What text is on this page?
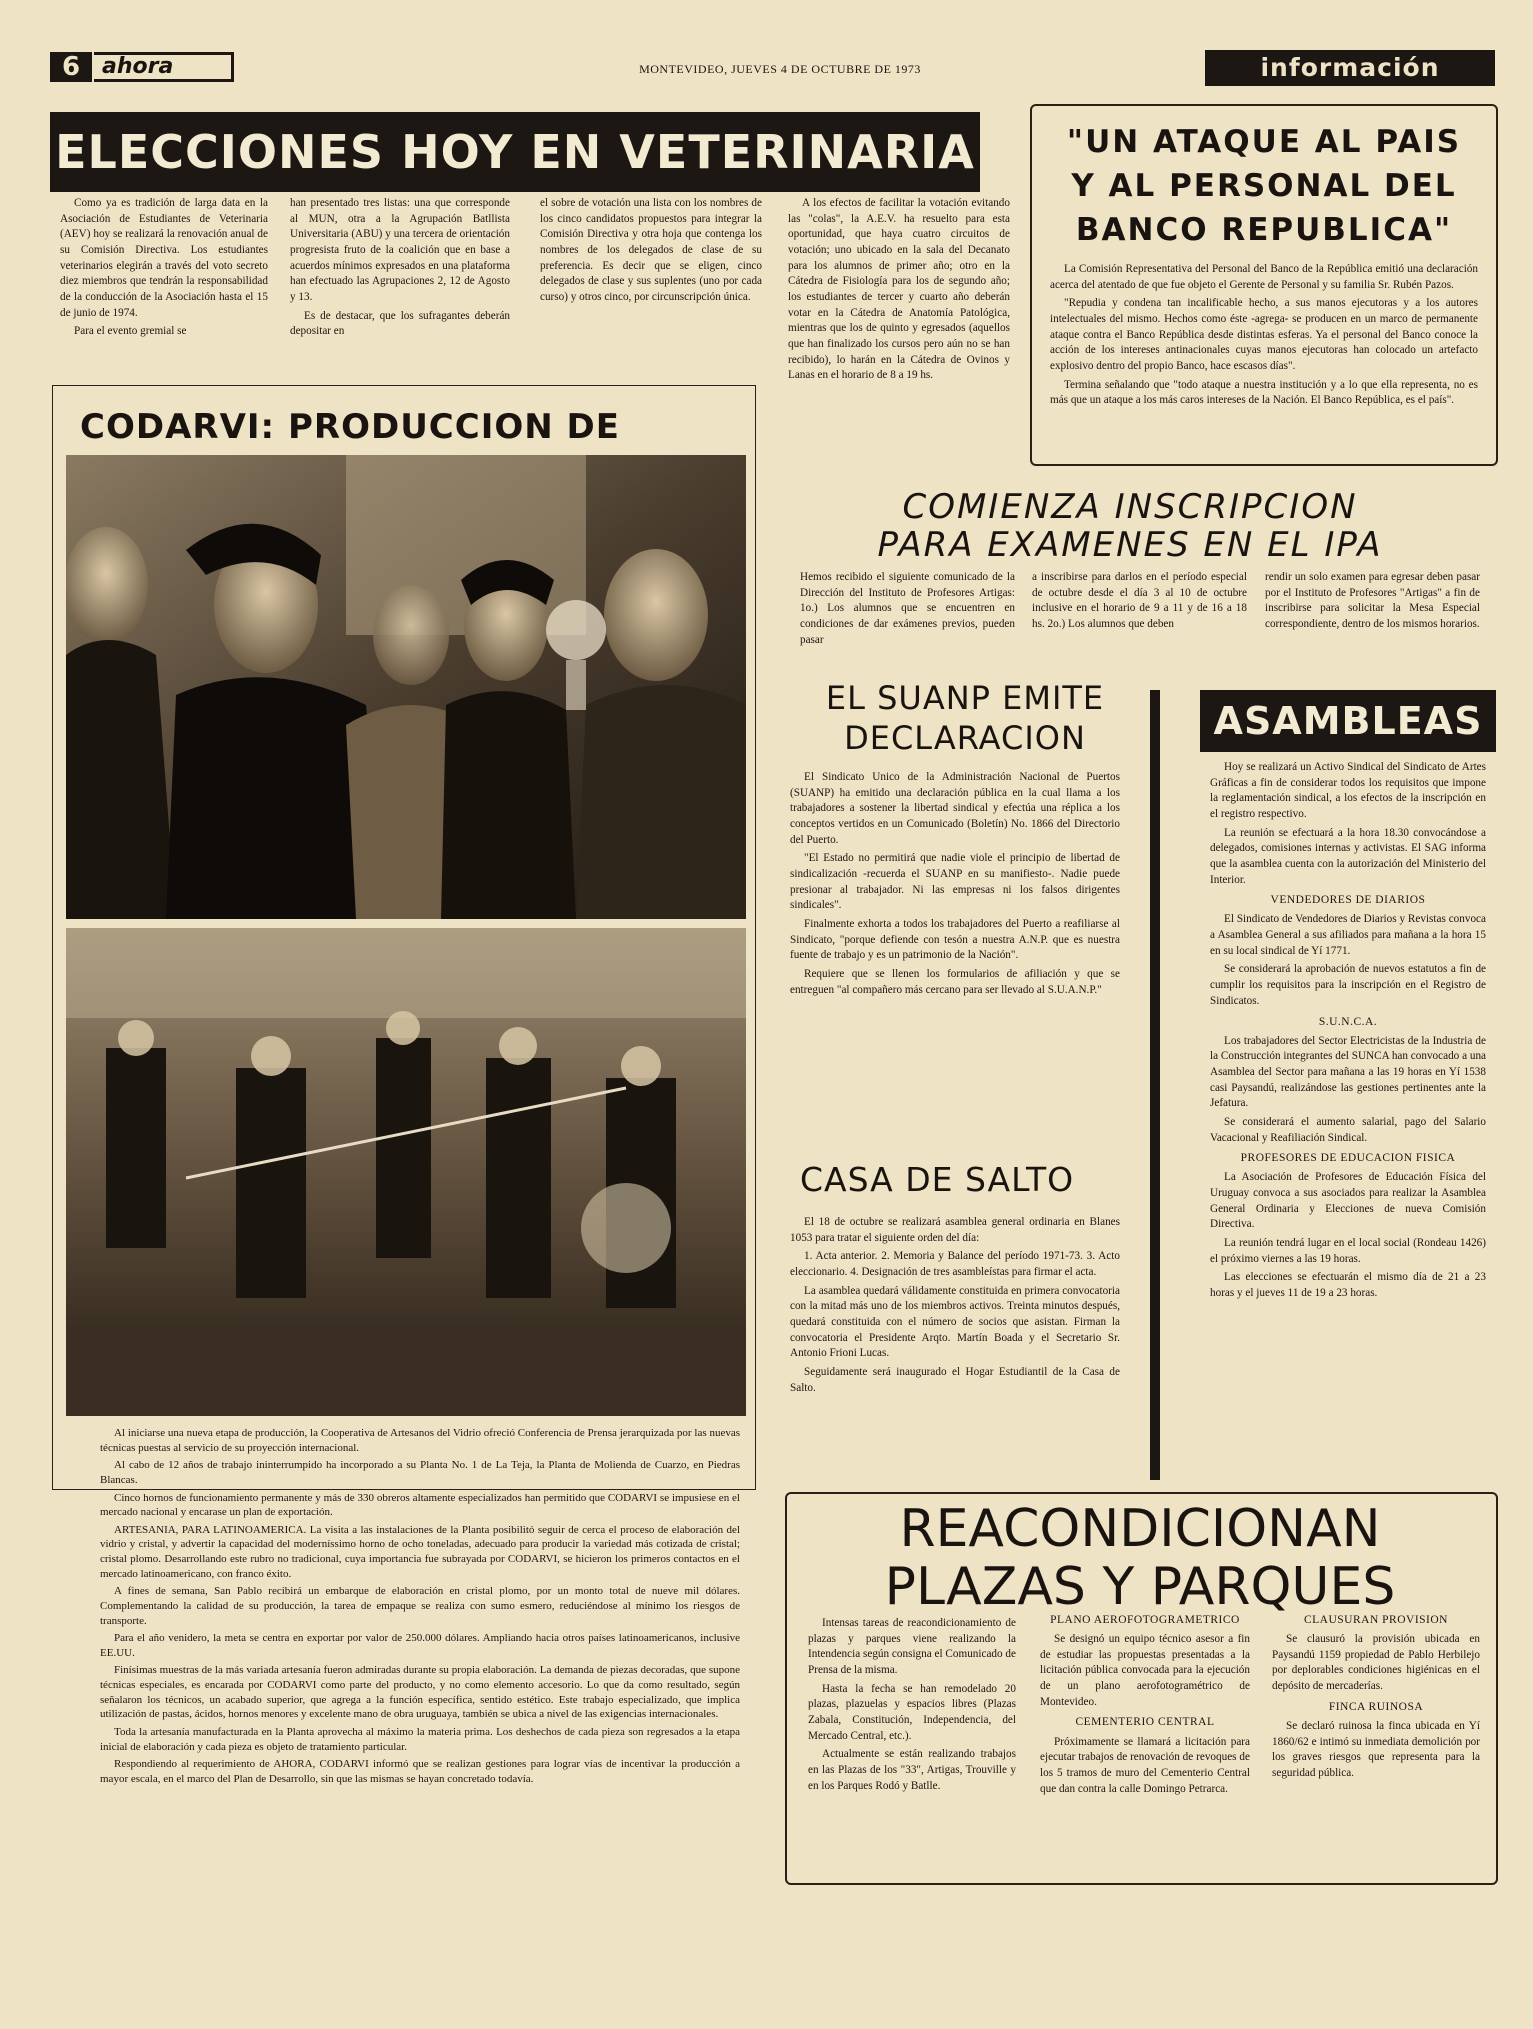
6 ahora	MONTEVIDEO, JUEVES 4 DE OCTUBRE DE 1973	información
ELECCIONES HOY EN VETERINARIA

Como ya es tradición de larga data en la Asociación de Estudiantes de Veterinaria (AEV) hoy se realizará la renovación anual de su Comisión Directiva. Los estudiantes veterinarios elegirán a través del voto secreto diez miembros que tendrán la responsabilidad de la conducción de la Asociación hasta el 15 de junio de 1974.

Para el evento gremial se

han presentado tres listas: una que corresponde al MUN, otra a la Agrupación Batllista Universitaria (ABU) y una tercera de orientación progresista fruto de la coalición que en base a acuerdos mínimos expresados en una plataforma han efectuado las Agrupaciones 2, 12 de Agosto y 13.

Es de destacar, que los sufragantes deberán depositar en

el sobre de votación una lista con los nombres de los cinco candidatos propuestos para integrar la Comisión Directiva y otra hoja que contenga los nombres de los delegados de clase de su preferencia. Es decir que se eligen, cinco delegados de clase y sus suplentes (uno por cada curso) y otros cinco, por circunscripción única.

A los efectos de facilitar la votación evitando las "colas", la A.E.V. ha resuelto para esta oportunidad, que haya cuatro circuitos de votación; uno ubicado en la sala del Decanato para los alumnos de primer año; otro en la Cátedra de Fisiología para los de segundo año; los estudiantes de tercer y cuarto año deberán votar en la Cátedra de Anatomía Patológica, mientras que los de quinto y egresados (aquellos que han finalizado los cursos pero aún no se han recibido), lo harán en la Cátedra de Ovinos y Lanas en el horario de 8 a 19 hs.

"UN ATAQUE AL PAIS Y AL PERSONAL DEL BANCO REPUBLICA"

La Comisión Representativa del Personal del Banco de la República emitió una declaración acerca del atentado de que fue objeto el Gerente de Personal y su familia Sr. Rubén Pazos.

"Repudia y condena tan incalificable hecho, a sus manos ejecutoras y a los autores intelectuales del mismo. Hechos como éste -agrega- se producen en un marco de permanente ataque contra el Banco República desde distintas esferas. Ya el personal del Banco conoce la acción de los intereses antinacionales cuyas manos ejecutoras han colocado un artefacto explosivo dentro del propio Banco, hace escasos días".

Termina señalando que "todo ataque a nuestra institución y a lo que ella representa, no es más que un ataque a los más caros intereses de la Nación. El Banco República, es el país".

CODARVI: PRODUCCION DE

Al iniciarse una nueva etapa de producción, la Cooperativa de Artesanos del Vidrio ofreció Conferencia de Prensa jerarquizada por las nuevas técnicas puestas al servicio de su proyección internacional.

Al cabo de 12 años de trabajo ininterrumpido ha incorporado a su Planta No. 1 de La Teja, la Planta de Molienda de Cuarzo, en Piedras Blancas.

Cinco hornos de funcionamiento permanente y más de 330 obreros altamente especializados han permitido que CODARVI se impusiese en el mercado nacional y encarase un plan de exportación.

ARTESANIA, PARA LATINOAMERICA. La visita a las instalaciones de la Planta posibilitó seguir de cerca el proceso de elaboración del vidrio y cristal, y advertir la capacidad del moderníssimo horno de ocho toneladas, adecuado para producir la variedad más cotizada de cristal; cristal plomo. Desarrollando este rubro no tradicional, cuya importancia fue subrayada por CODARVI, se hicieron los primeros contactos en el mercado latinoamericano, con franco éxito.

A fines de semana, San Pablo recibirá un embarque de elaboración en cristal plomo, por un monto total de nueve mil dólares. Complementando la calidad de su producción, la tarea de empaque se realiza con sumo esmero, reduciéndose al mínimo los riesgos de transporte.

Para el año venidero, la meta se centra en exportar por valor de 250.000 dólares. Ampliando hacia otros países latinoamericanos, inclusive EE.UU.

Finísimas muestras de la más variada artesanía fueron admiradas durante su propia elaboración. La demanda de piezas decoradas, que supone técnicas especiales, es encarada por CODARVI como parte del producto, y no como elemento accesorio. Lo que da como resultado, según señalaron los técnicos, un acabado superior, que agrega a la función específica, sentido estético. Este trabajo especializado, que implica utilización de pastas, ácidos, hornos menores y excelente mano de obra uruguaya, también se ubica a nivel de las exigencias internacionales.

Toda la artesanía manufacturada en la Planta aprovecha al máximo la materia prima. Los deshechos de cada pieza son regresados a la etapa inicial de elaboración y cada pieza es objeto de tratamiento particular.

Respondiendo al requerimiento de AHORA, CODARVI informó que se realizan gestiones para lograr vías de incentivar la producción a mayor escala, en el marco del Plan de Desarrollo, sin que las mismas se hayan concretado todavía.

COMIENZA INSCRIPCION
PARA EXAMENES EN EL IPA
Hemos recibido el siguiente comunicado de la Dirección del Instituto de Profesores Artigas: 1o.) Los alumnos que se encuentren en condiciones de dar exámenes previos, pueden pasar
a inscribirse para darlos en el período especial de octubre desde el día 3 al 10 de octubre inclusive en el horario de 9 a 11 y de 16 a 18 hs. 2o.) Los alumnos que deben
rendir un solo examen para egresar deben pasar por el Instituto de Profesores "Artigas" a fin de inscribirse para solicitar la Mesa Especial correspondiente, dentro de los mismos horarios.
EL SUANP EMITE
DECLARACION

El Sindicato Unico de la Administración Nacional de Puertos (SUANP) ha emitido una declaración pública en la cual llama a los trabajadores a sostener la libertad sindical y efectúa una réplica a los conceptos vertidos en un Comunicado (Boletín) No. 1866 del Directorio del Puerto.

"El Estado no permitirá que nadie viole el principio de libertad de sindicalización -recuerda el SUANP en su manifiesto-. Nadie puede presionar al trabajador. Ni las empresas ni los falsos dirigentes sindicales".

Finalmente exhorta a todos los trabajadores del Puerto a reafiliarse al Sindicato, "porque defiende con tesón a nuestra A.N.P. que es nuestra fuente de trabajo y es un patrimonio de la Nación".

Requiere que se llenen los formularios de afiliación y que se entreguen "al compañero más cercano para ser llevado al S.U.A.N.P."

CASA DE SALTO

El 18 de octubre se realizará asamblea general ordinaria en Blanes 1053 para tratar el siguiente orden del día:

1. Acta anterior. 2. Memoria y Balance del período 1971-73. 3. Acto eleccionario. 4. Designación de tres asambleístas para firmar el acta.

La asamblea quedará válidamente constituida en primera convocatoria con la mitad más uno de los miembros activos. Treinta minutos después, quedará constituida con el número de socios que asistan. Firman la convocatoria el Presidente Arqto. Martín Boada y el Secretario Sr. Antonio Frioni Lucas.

Seguidamente será inaugurado el Hogar Estudiantil de la Casa de Salto.

ASAMBLEAS

Hoy se realizará un Activo Sindical del Sindicato de Artes Gráficas a fin de considerar todos los requisitos que impone la reglamentación sindical, a los efectos de la inscripción en el registro respectivo.

La reunión se efectuará a la hora 18.30 convocándose a delegados, comisiones internas y activistas. El SAG informa que la asamblea cuenta con la autorización del Ministerio del Interior.

VENDEDORES DE DIARIOS

El Sindicato de Vendedores de Diarios y Revistas convoca a Asamblea General a sus afiliados para mañana a la hora 15 en su local sindical de Yí 1771.

Se considerará la aprobación de nuevos estatutos a fin de cumplir los requisitos para la inscripción en el Registro de Sindicatos.

S.U.N.C.A.

Los trabajadores del Sector Electricistas de la Industria de la Construcción integrantes del SUNCA han convocado a una Asamblea del Sector para mañana a las 19 horas en Yí 1538 casi Paysandú, realizándose las gestiones pertinentes ante la Jefatura.

Se considerará el aumento salarial, pago del Salario Vacacional y Reafiliación Sindical.

PROFESORES DE EDUCACION FISICA

La Asociación de Profesores de Educación Física del Uruguay convoca a sus asociados para realizar la Asamblea General Ordinaria y Elecciones de nueva Comisión Directiva.

La reunión tendrá lugar en el local social (Rondeau 1426) el próximo viernes a las 19 horas.

Las elecciones se efectuarán el mismo día de 21 a 23 horas y el jueves 11 de 19 a 23 horas.

REACONDICIONAN
PLAZAS Y PARQUES

Intensas tareas de reacondicionamiento de plazas y parques viene realizando la Intendencia según consigna el Comunicado de Prensa de la misma.

Hasta la fecha se han remodelado 20 plazas, plazuelas y espacios libres (Plazas Zabala, Constitución, Independencia, del Mercado Central, etc.).

Actualmente se están realizando trabajos en las Plazas de los "33", Artigas, Trouville y en los Parques Rodó y Batlle.

PLANO AEROFOTOGRAMETRICO

Se designó un equipo técnico asesor a fin de estudiar las propuestas presentadas a la licitación pública convocada para la ejecución de un plano aerofotogramétrico de Montevideo.

CEMENTERIO CENTRAL

Próximamente se llamará a licitación para ejecutar trabajos de renovación de revoques de los 5 tramos de muro del Cementerio Central que dan contra la calle Domingo Petrarca.

CLAUSURAN PROVISION

Se clausuró la provisión ubicada en Paysandú 1159 propiedad de Pablo Herbilejo por deplorables condiciones higiénicas en el depósito de mercaderías.

FINCA RUINOSA

Se declaró ruinosa la finca ubicada en Yí 1860/62 e intimó su inmediata demolición por los graves riesgos que representa para la seguridad pública.
